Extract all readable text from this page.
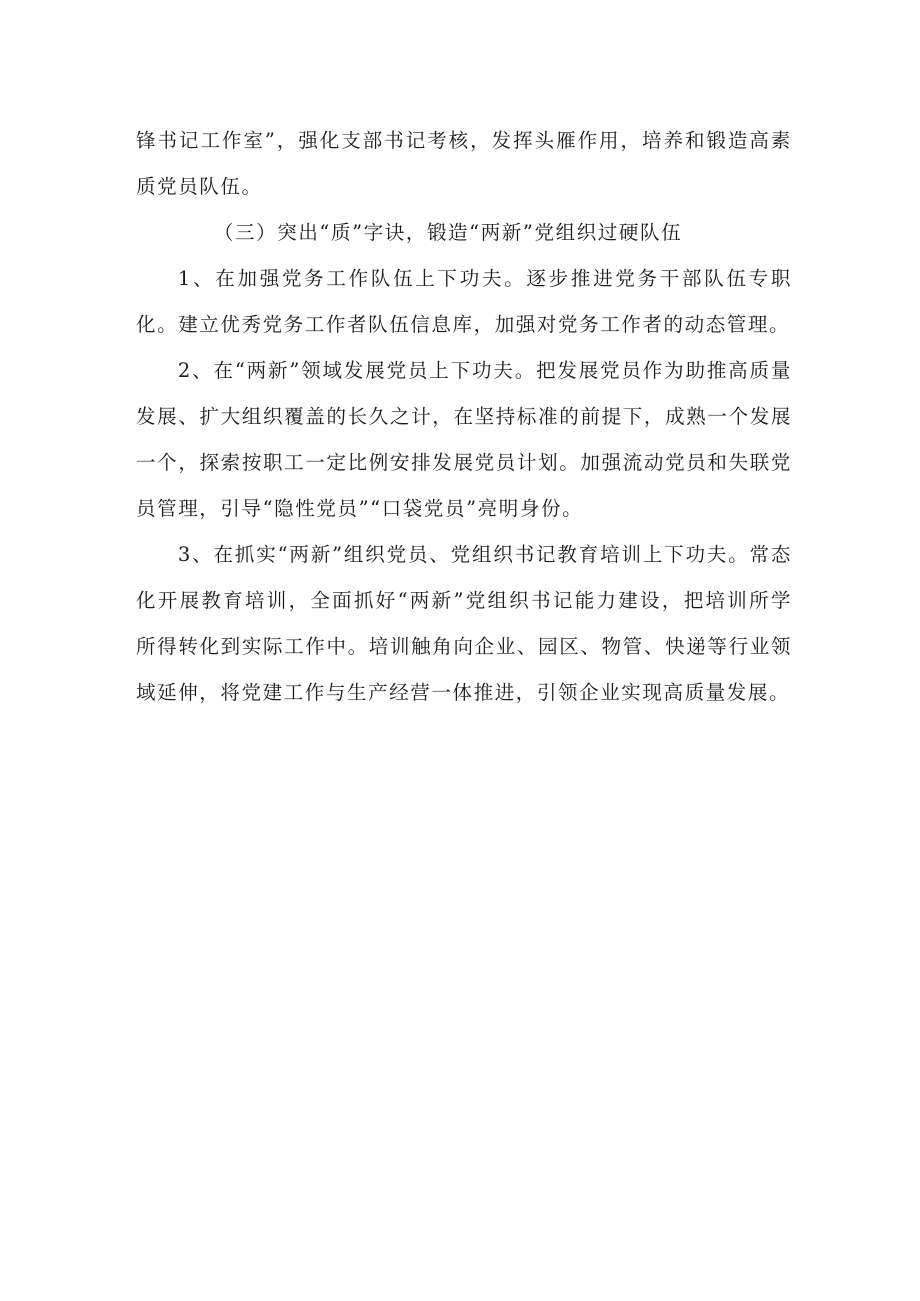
锋书记工作室”，强化支部书记考核，发挥头雁作用，培养和锻造高素质党员队伍。

（三）突出“质”字诀，锻造“两新”党组织过硬队伍

1、在加强党务工作队伍上下功夫。逐步推进党务干部队伍专职化。建立优秀党务工作者队伍信息库，加强对党务工作者的动态管理。

2、在“两新”领域发展党员上下功夫。把发展党员作为助推高质量发展、扩大组织覆盖的长久之计，在坚持标准的前提下，成熟一个发展一个，探索按职工一定比例安排发展党员计划。加强流动党员和失联党员管理，引导“隐性党员”“口袋党员”亮明身份。

3、在抓实“两新”组织党员、党组织书记教育培训上下功夫。常态化开展教育培训，全面抓好“两新”党组织书记能力建设，把培训所学所得转化到实际工作中。培训触角向企业、园区、物管、快递等行业领域延伸，将党建工作与生产经营一体推进，引领企业实现高质量发展。
